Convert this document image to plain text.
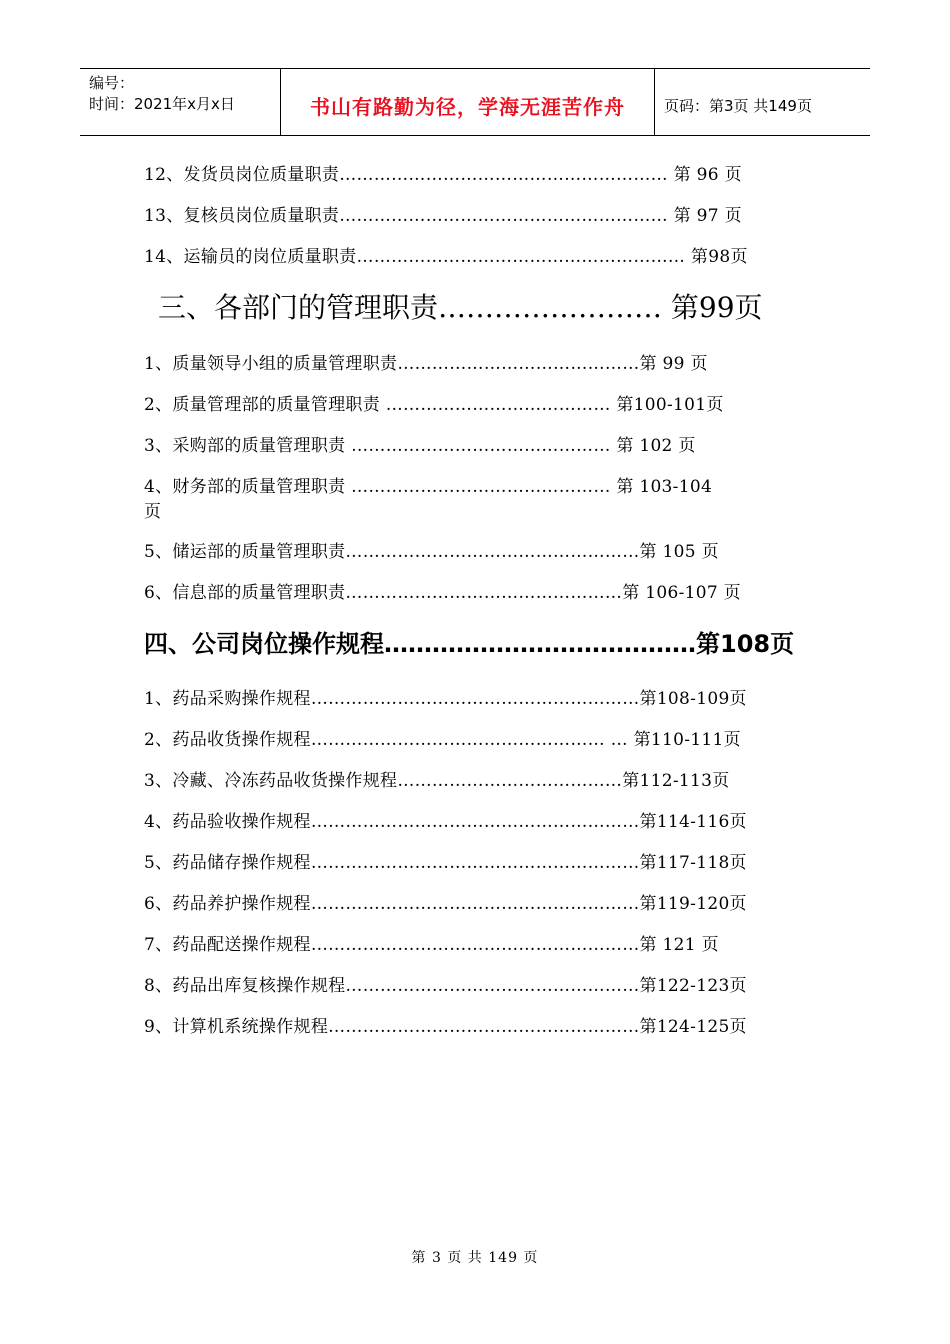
编号：
时间：2021年x月x日	书山有路勤为径，学海无涯苦作舟	页码：第3页 共149页
12、发货员岗位质量职责………………………………………………… 第 96 页
13、复核员岗位质量职责………………………………………………… 第 97 页
14、运输员的岗位质量职责………………………………………………… 第98页
三、各部门的管理职责…………………… 第99页
1、质量领导小组的质量管理职责……………………………………第 99 页
2、质量管理部的质量管理职责 ………………………………… 第100-101页
3、采购部的质量管理职责 ……………………………………… 第 102 页
4、财务部的质量管理职责 ……………………………………… 第 103-104
页
5、储运部的质量管理职责……………………………………………第 105 页
6、信息部的质量管理职责…………………………………………第 106-107 页
四、公司岗位操作规程…………………………………第108页
1、药品采购操作规程…………………………………………………第108-109页
2、药品收货操作规程…………………………………………… … 第110-111页
3、冷藏、冷冻药品收货操作规程…………………………………第112-113页
4、药品验收操作规程…………………………………………………第114-116页
5、药品储存操作规程…………………………………………………第117-118页
6、药品养护操作规程…………………………………………………第119-120页
7、药品配送操作规程…………………………………………………第 121 页
8、药品出库复核操作规程……………………………………………第122-123页
9、计算机系统操作规程………………………………………………第124-125页
第 3 页 共 149 页
